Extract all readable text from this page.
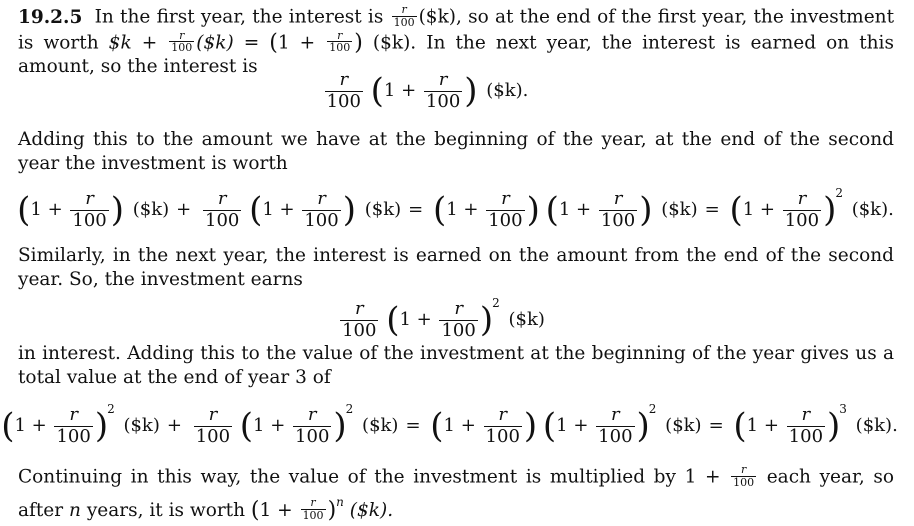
19.2.5 In the first year, the interest is $\frac{r}{100}$ ($k), so at the end of the first year, the investment is worth $k + $\frac{r}{100}$ ($k) = ($1 + \frac{r}{100}$ ) ($k). In the next year, the interest is earned on this amount, so the interest is

$\frac{r}{100} (1 + \frac{r}{100}$ ) ($k).

Adding this to the amount we have at the beginning of the year, at the end of the second year the investment is worth

($1 + \frac{r}{100}$ ) ($k) + $\frac{r}{100} (1 + \frac{r}{100}$ ) ($k) = ($1 + \frac{r}{100}$ ) ($1 + \frac{r}{100}$ ) ($k) = $(1 + \frac{r}{100} )^2$ ($k).

Similarly, in the next year, the interest is earned on the amount from the end of the second year. So, the investment earns

$\frac{r}{100} (1 + \frac{r}{100} )^2$ ($k)

in interest. Adding this to the value of the investment at the beginning of the year gives us a total value at the end of year 3 of

$(1 + \frac{r}{100} )^2$ ($k) + $\frac{r}{100} (1 + \frac{r}{100} )^2$ ($k) = ($1 + \frac{r}{100}$ ) $(1 + \frac{r}{100} )^2$ ($k) = $(1 + \frac{r}{100} )^3$ ($k).

Continuing in this way, the value of the investment is multiplied by $1 + \frac{r}{100}$ each year, so after n years, it is worth $(1 + \frac{r}{100} )^n$ ($k).
